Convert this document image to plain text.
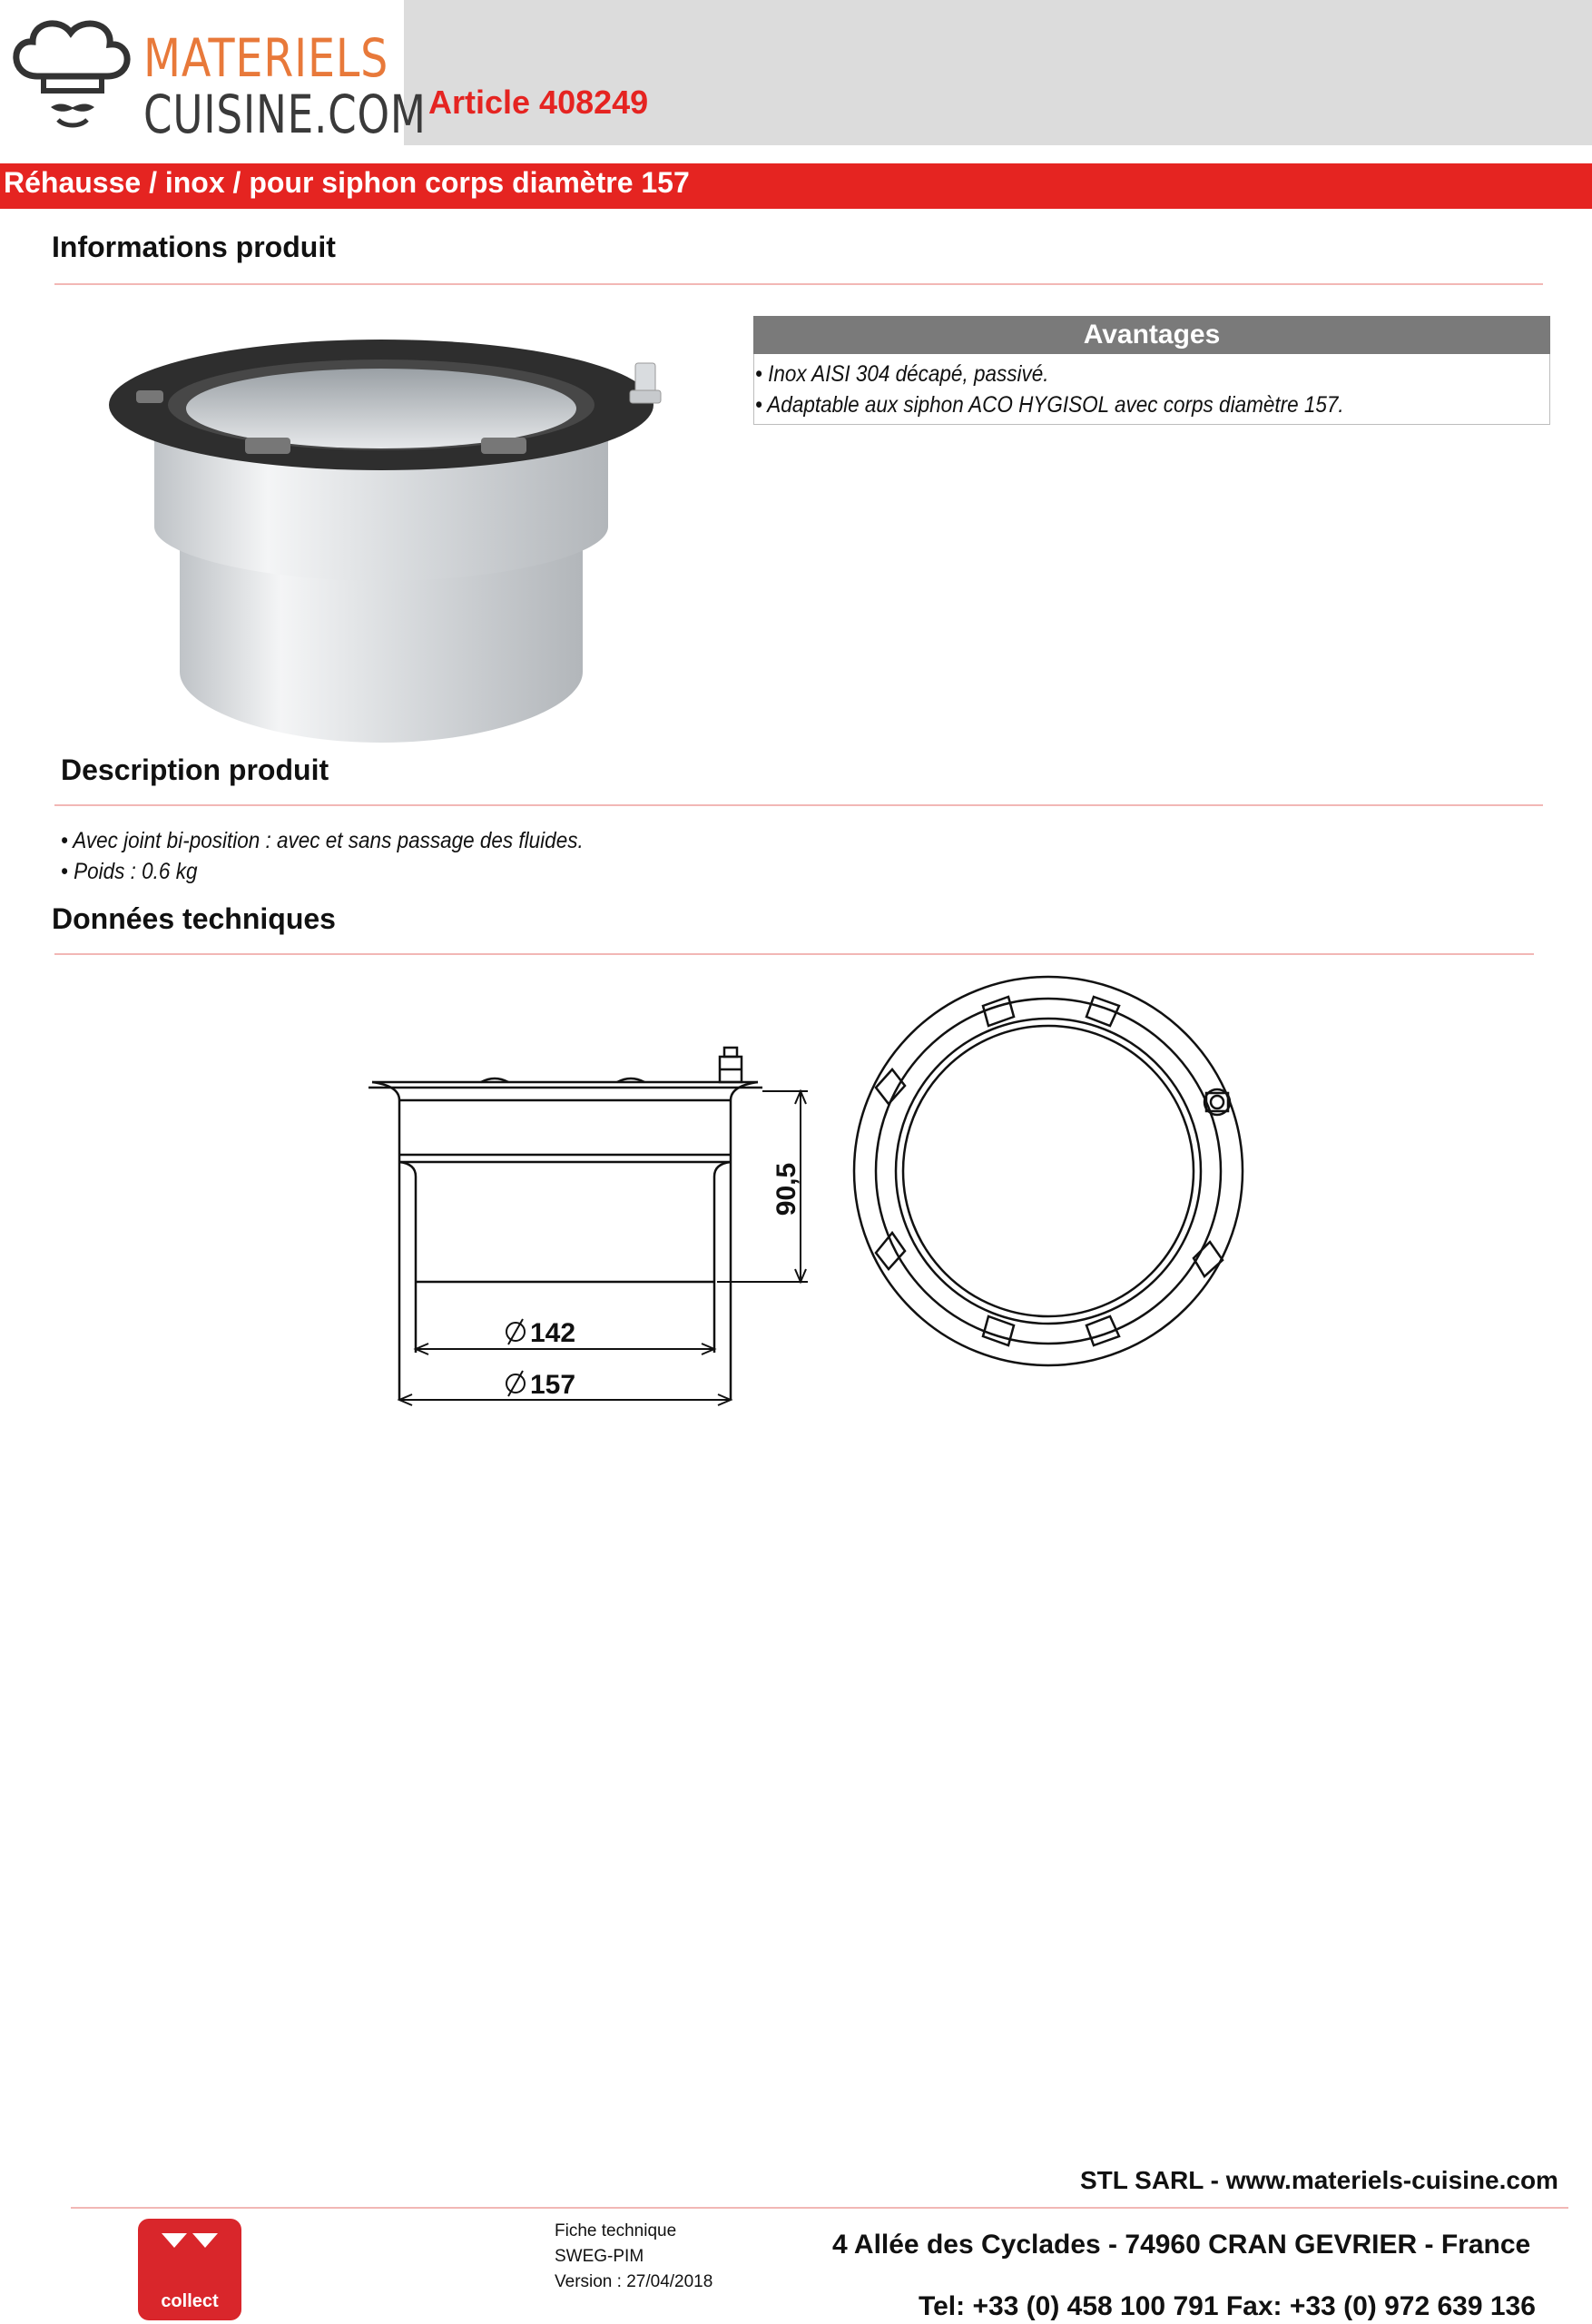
MATERIELS
CUISINE.COM Article 408249
Réhausse / inox / pour siphon corps diamètre 157
Informations produit
Avantages
• Inox AISI 304 décapé, passivé.
• Adaptable aux siphon ACO HYGISOL avec corps diamètre 157.
Description produit
• Avec joint bi-position : avec et sans passage des fluides.
• Poids : 0.6 kg
Données techniques
90,5
142
157
STL SARL - www.materiels-cuisine.com
4 Allée des Cyclades - 74960 CRAN GEVRIER - France
Tel: +33 (0) 458 100 791 Fax: +33 (0) 972 639 136
Fiche technique
SWEG-PIM
Version : 27/04/2018
collect
